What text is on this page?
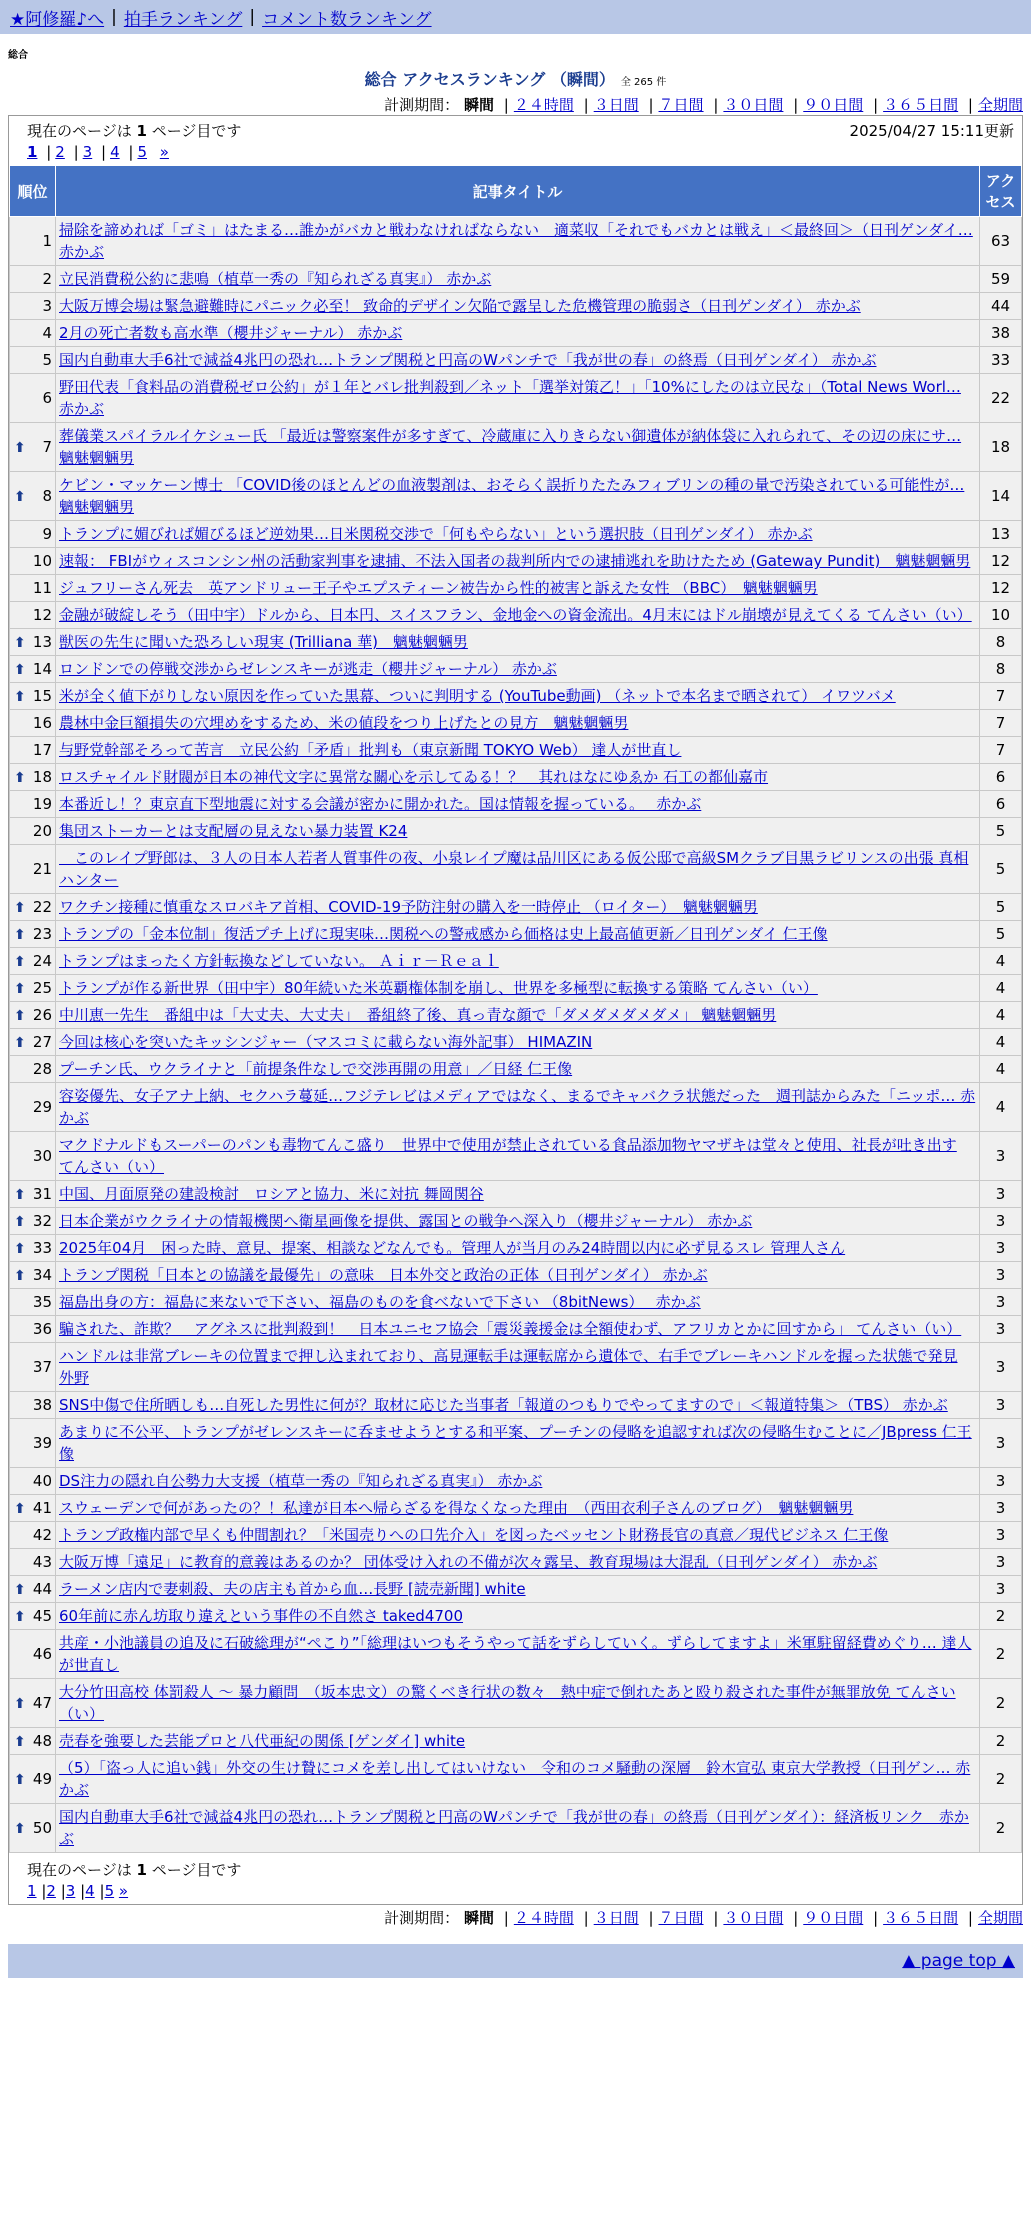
★阿修羅♪へ | 拍手ランキング | コメント数ランキング
総合
総合 アクセスランキング （瞬間） 全 265 件
計測期間： 瞬間 | ２４時間 | ３日間 | ７日間 | ３０日間 | ９０日間 | ３６５日間 | 全期間
現在のページは 1 ページ目です	2025/04/27 15:11更新
1 | 2 | 3 | 4 | 5 »
順位	記事タイトル	アクセス
1	掃除を諦めれば「ゴミ」はたまる…誰かがバカと戦わなければならない　適菜収「それでもバカとは戦え」＜最終回＞（日刊ゲンダイ… 赤かぶ	63
2	立民消費税公約に悲鳴（植草一秀の『知られざる真実』） 赤かぶ	59
3	大阪万博会場は緊急避難時にパニック必至！ 致命的デザイン欠陥で露呈した危機管理の脆弱さ（日刊ゲンダイ） 赤かぶ	44
4	2月の死亡者数も高水準（櫻井ジャーナル） 赤かぶ	38
5	国内自動車大手6社で減益4兆円の恐れ…トランプ関税と円高のWパンチで「我が世の春」の終焉（日刊ゲンダイ） 赤かぶ	33
6	野田代表「食料品の消費税ゼロ公約」が１年とバレ批判殺到／ネット「選挙対策乙！」「10%にしたのは立民な」（Total News Worl… 赤かぶ	22

⬆ 7	葬儀業スパイラルイケシュー氏 「最近は警察案件が多すぎて、冷蔵庫に入りきらない御遺体が納体袋に入れられて、その辺の床にサ… 魑魅魍魎男	18

⬆ 8	ケビン・マッケーン博士 「COVID後のほとんどの血液製剤は、おそらく誤折りたたみフィブリンの種の量で汚染されている可能性が… 魑魅魍魎男	14
9	トランプに媚びれば媚びるほど逆効果…日米関税交渉で「何もやらない」という選択肢（日刊ゲンダイ） 赤かぶ	13
10	速報： FBIがウィスコンシン州の活動家判事を逮捕、不法入国者の裁判所内での逮捕逃れを助けたため (Gateway Pundit)　魑魅魍魎男	12
11	ジュフリーさん死去　英アンドリュー王子やエプスティーン被告から性的被害と訴えた女性 （BBC）　魑魅魍魎男	12
12	金融が破綻しそう（田中宇）ドルから、日本円、スイスフラン、金地金への資金流出。4月末にはドル崩壊が見えてくる てんさい（い）	10

⬆ 13	獣医の先生に聞いた恐ろしい現実 (Trilliana 華)　魑魅魍魎男	8

⬆ 14	ロンドンでの停戦交渉からゼレンスキーが逃走（櫻井ジャーナル） 赤かぶ	8

⬆ 15	米が全く値下がりしない原因を作っていた黒幕、ついに判明する (YouTube動画) （ネットで本名まで晒されて） イワツバメ	7
16	農林中金巨額損失の穴埋めをするため、米の値段をつり上げたとの見方　魑魅魍魎男	7
17	与野党幹部そろって苦言　立民公約「矛盾」批判も（東京新聞 TOKYO Web） 達人が世直し	7

⬆ 18	ロスチャイルド財閥が日本の神代文字に異常な關心を示してゐる！？　其れはなにゆゑか 石工の都仙嘉市	6
19	本番近し！？東京直下型地震に対する会議が密かに開かれた。国は情報を握っている。　 赤かぶ	6
20	集団ストーカーとは支配層の見えない暴力装置 K24	5
21	　このレイプ野郎は、３人の日本人若者人質事件の夜、小泉レイプ魔は品川区にある仮公邸で高級SMクラブ目黒ラビリンスの出張 真相ハンター	5

⬆ 22	ワクチン接種に慎重なスロバキア首相、COVID-19予防注射の購入を一時停止 （ロイター）　魑魅魍魎男	5

⬆ 23	トランプの「金本位制」復活プチ上げに現実味…関税への警戒感から価格は史上最高値更新／日刊ゲンダイ 仁王像	5

⬆ 24	トランプはまったく方針転換などしていない。 Ａｉｒ－Ｒｅａｌ	4

⬆ 25	トランプが作る新世界（田中宇）80年続いた米英覇権体制を崩し、世界を多極型に転換する策略 てんさい（い）	4

⬆ 26	中川恵一先生　番組中は「大丈夫、大丈夫」　番組終了後、真っ青な顔で「ダメダメダメダメ」 魑魅魍魎男	4

⬆ 27	今回は核心を突いたキッシンジャー（マスコミに載らない海外記事） HIMAZIN	4
28	プーチン氏、ウクライナと「前提条件なしで交渉再開の用意」／日経 仁王像	4
29	容姿優先、女子アナ上納、セクハラ蔓延…フジテレビはメディアではなく、まるでキャバクラ状態だった　週刊誌からみた「ニッポ… 赤かぶ	4
30	マクドナルドもスーパーのパンも毒物てんこ盛り　世界中で使用が禁止されている食品添加物ヤマザキは堂々と使用、社長が吐き出す てんさい（い）	3

⬆ 31	中国、月面原発の建設検討　ロシアと協力、米に対抗 舞岡関谷	3

⬆ 32	日本企業がウクライナの情報機関へ衛星画像を提供、露国との戦争へ深入り（櫻井ジャーナル） 赤かぶ	3

⬆ 33	2025年04月　困った時、意見、提案、相談などなんでも。管理人が当月のみ24時間以内に必ず見るスレ 管理人さん	3

⬆ 34	トランプ関税「日本との協議を最優先」の意味　日本外交と政治の正体（日刊ゲンダイ） 赤かぶ	3
35	福島出身の方：福島に来ないで下さい、福島のものを食べないで下さい （8bitNews）　 赤かぶ	3
36	騙された、詐欺？　アグネスに批判殺到！　日本ユニセフ協会「震災義援金は全額使わず、アフリカとかに回すから」 てんさい（い）	3
37	ハンドルは非常ブレーキの位置まで押し込まれており、高見運転手は運転席から遺体で、右手でブレーキハンドルを握った状態で発見 外野	3
38	SNS中傷で住所晒しも…自死した男性に何が？取材に応じた当事者「報道のつもりでやってますので」＜報道特集＞（TBS） 赤かぶ	3
39	あまりに不公平、トランプがゼレンスキーに呑ませようとする和平案、プーチンの侵略を追認すれば次の侵略生むことに／JBpress 仁王像	3
40	DS注力の隠れ自公勢力大支援（植草一秀の『知られざる真実』） 赤かぶ	3

⬆ 41	スウェーデンで何があったの？！私達が日本へ帰らざるを得なくなった理由　（西田衣利子さんのブログ）　魑魅魍魎男	3
42	トランプ政権内部で早くも仲間割れ？「米国売りへの口先介入」を図ったベッセント財務長官の真意／現代ビジネス 仁王像	3
43	大阪万博「遠足」に教育的意義はあるのか？ 団体受け入れの不備が次々露呈、教育現場は大混乱（日刊ゲンダイ） 赤かぶ	3

⬆ 44	ラーメン店内で妻刺殺、夫の店主も首から血…長野 [読売新聞] white	3

⬆ 45	60年前に赤ん坊取り違えという事件の不自然さ taked4700	2
46	共産・小池議員の追及に石破総理が“ぺこり”「総理はいつもそうやって話をずらしていく。ずらしてますよ」米軍駐留経費めぐり… 達人が世直し	2

⬆ 47	大分竹田高校 体罰殺人 〜 暴力顧問　（坂本忠文）の驚くべき行状の数々　熱中症で倒れたあと殴り殺された事件が無罪放免 てんさい（い）	2

⬆ 48	売春を強要した芸能プロと八代亜紀の関係 [ゲンダイ] white	2

⬆ 49	（5）「盗っ人に追い銭」外交の生け贄にコメを差し出してはいけない　令和のコメ騒動の深層　鈴木宣弘 東京大学教授（日刊ゲン… 赤かぶ	2

⬆ 50	国内自動車大手6社で減益4兆円の恐れ…トランプ関税と円高のWパンチで「我が世の春」の終焉（日刊ゲンダイ）：経済板リンク　赤かぶ	2
現在のページは 1 ページ目です
1 |2 |3 |4 |5 »
計測期間： 瞬間 | ２４時間 | ３日間 | ７日間 | ３０日間 | ９０日間 | ３６５日間 | 全期間
▲ page top ▲
